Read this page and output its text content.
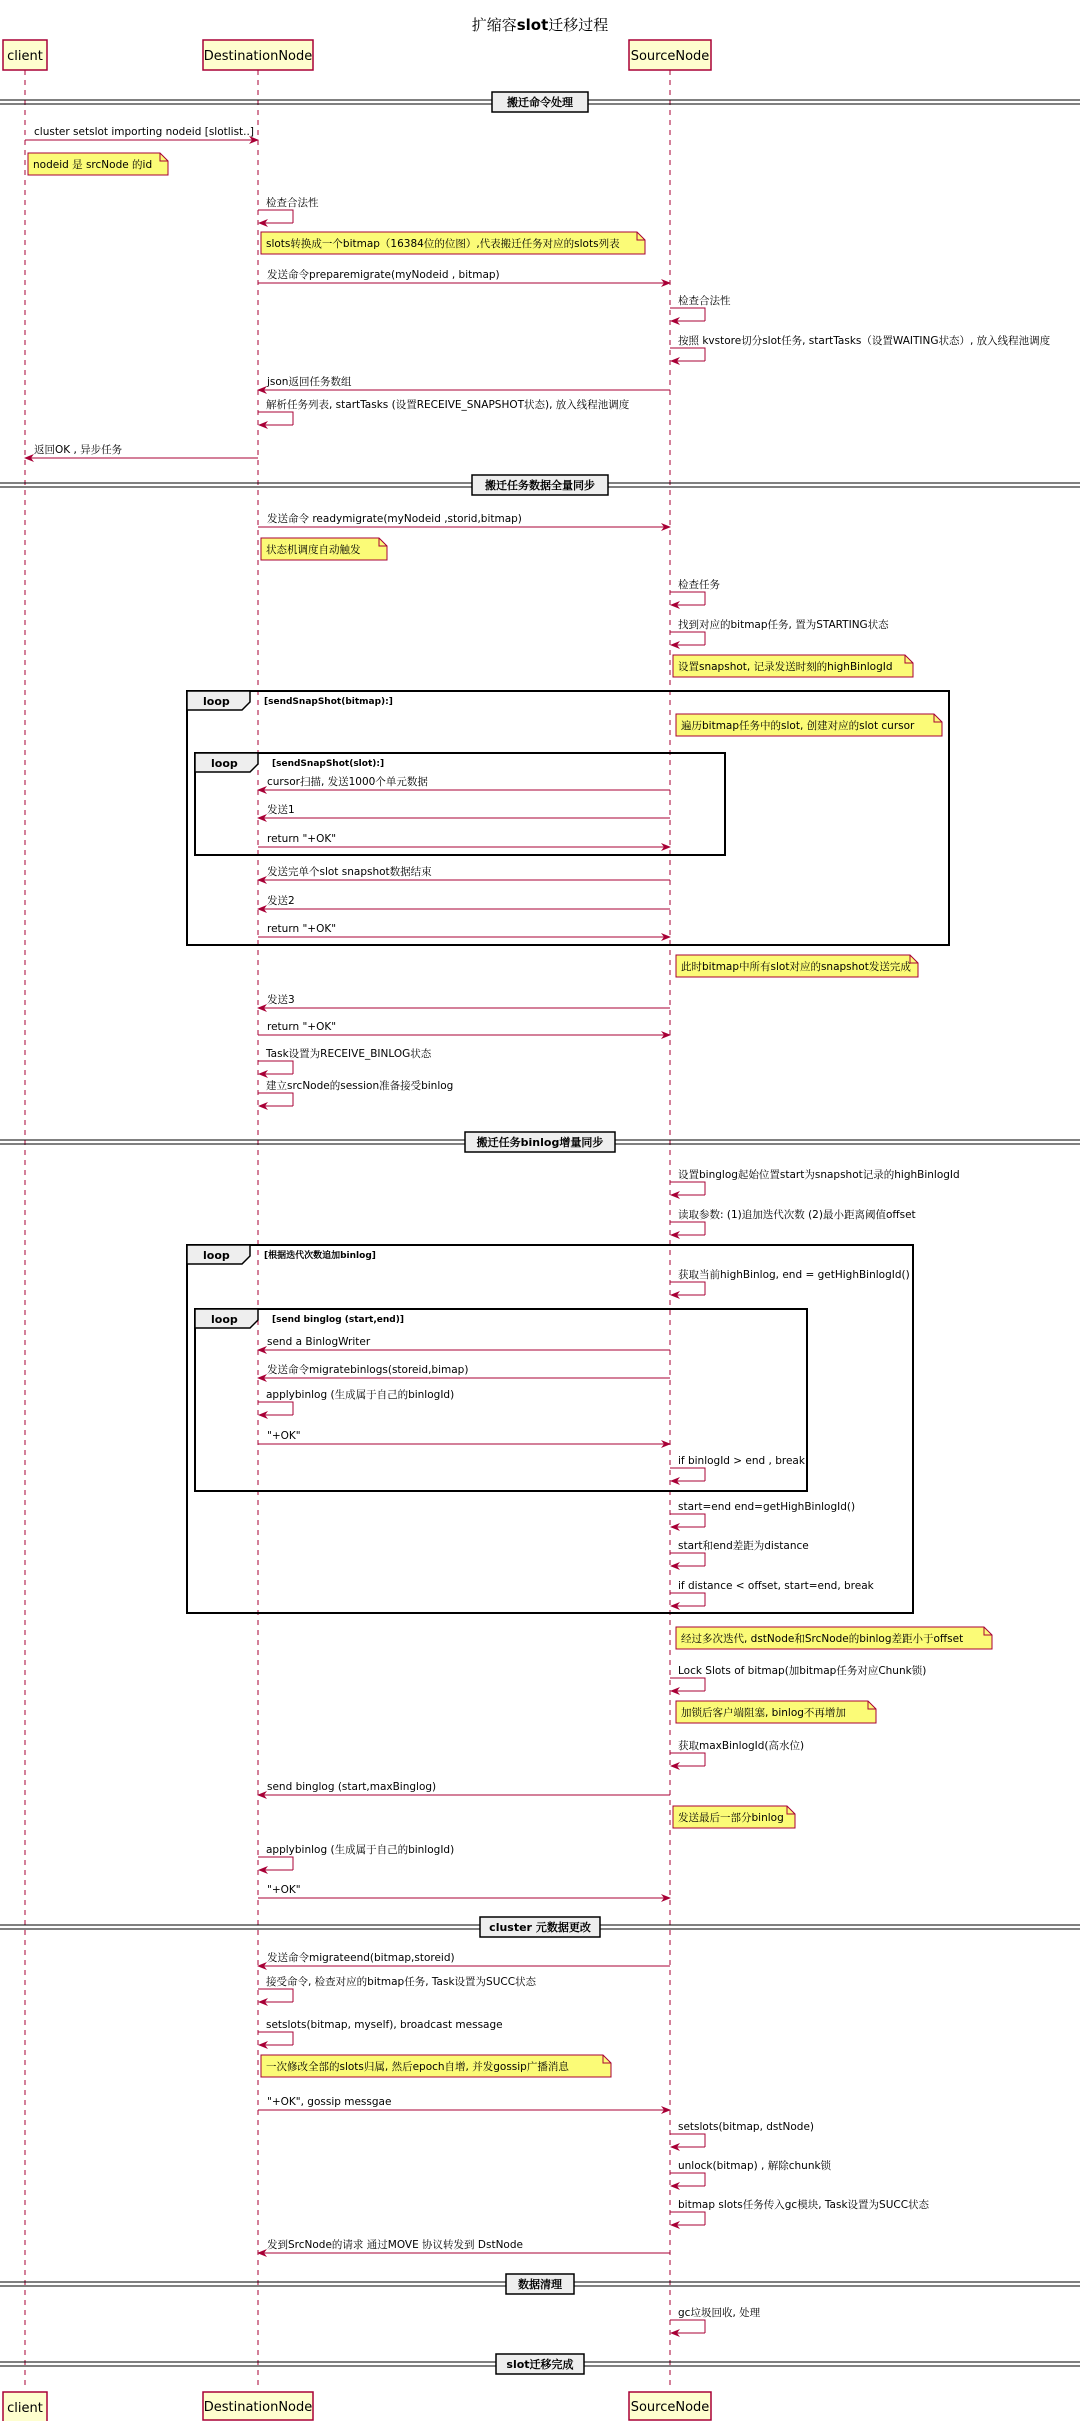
扩缩容slot迁移过程
client	DestinationNode	SourceNode
client	DestinationNode	SourceNode
搬迁命令处理
搬迁任务数据全量同步
搬迁任务binlog增量同步
cluster 元数据更改
数据清理
slot迁移完成
loop	[sendSnapShot(bitmap):]
loop	[sendSnapShot(slot):]
loop	[根据迭代次数追加binlog]
loop	[send binglog (start,end)]
cluster setslot importing nodeid [slotlist..]
nodeid 是 srcNode 的id
检查合法性
slots转换成一个bitmap（16384位的位图）,代表搬迁任务对应的slots列表
发送命令preparemigrate(myNodeid , bitmap)
检查合法性
按照 kvstore切分slot任务, startTasks（设置WAITING状态）, 放入线程池调度
json返回任务数组
解析任务列表, startTasks (设置RECEIVE_SNAPSHOT状态), 放入线程池调度
返回OK , 异步任务
发送命令 readymigrate(myNodeid ,storid,bitmap)
状态机调度自动触发
检查任务
找到对应的bitmap任务, 置为STARTING状态
设置snapshot, 记录发送时刻的highBinlogId
遍历bitmap任务中的slot, 创建对应的slot cursor
cursor扫描, 发送1000个单元数据
发送1
return "+OK"
发送完单个slot snapshot数据结束
发送2
return "+OK"
此时bitmap中所有slot对应的snapshot发送完成
发送3
return "+OK"
Task设置为RECEIVE_BINLOG状态
建立srcNode的session准备接受binlog
设置binglog起始位置start为snapshot记录的highBinlogId
读取参数: (1)追加迭代次数 (2)最小距离阈值offset
获取当前highBinlog, end = getHighBinlogId()
send a BinlogWriter
发送命令migratebinlogs(storeid,bimap)
applybinlog (生成属于自己的binlogId)
"+OK"
if binlogId > end , break
start=end end=getHighBinlogId()
start和end差距为distance
if distance < offset, start=end, break
经过多次迭代, dstNode和SrcNode的binlog差距小于offset
Lock Slots of bitmap(加bitmap任务对应Chunk锁)
加锁后客户端阻塞, binlog不再增加
获取maxBinlogId(高水位)
send binglog (start,maxBinglog)
发送最后一部分binlog
applybinlog (生成属于自己的binlogId)
"+OK"
发送命令migrateend(bitmap,storeid)
接受命令, 检查对应的bitmap任务, Task设置为SUCC状态
setslots(bitmap, myself), broadcast message
一次修改全部的slots归属, 然后epoch自增, 并发gossip广播消息
"+OK", gossip messgae
setslots(bitmap, dstNode)
unlock(bitmap) , 解除chunk锁
bitmap slots任务传入gc模块, Task设置为SUCC状态
发到SrcNode的请求 通过MOVE 协议转发到 DstNode
gc垃圾回收, 处理
